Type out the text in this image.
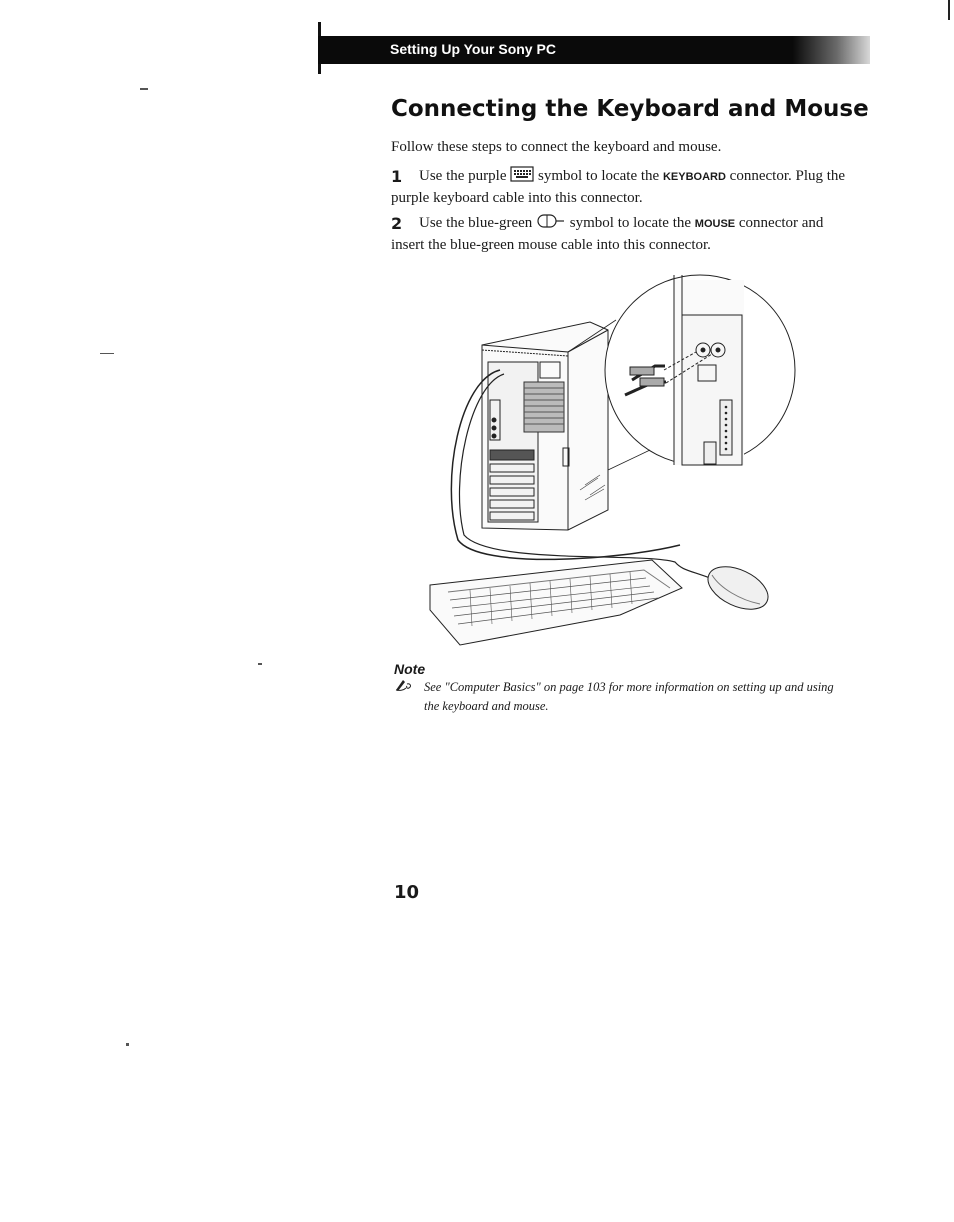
Setting Up Your Sony PC
Connecting the Keyboard and Mouse
Follow these steps to connect the keyboard and mouse.
1	Use the purple symbol to locate the KEYBOARD connector. Plug the
purple keyboard cable into this connector.
2	Use the blue-green	symbol to locate the MOUSE connector and
insert the blue-green mouse cable into this connector.
Note
See "Computer Basics" on page 103 for more information on setting up and using
the keyboard and mouse.
10
